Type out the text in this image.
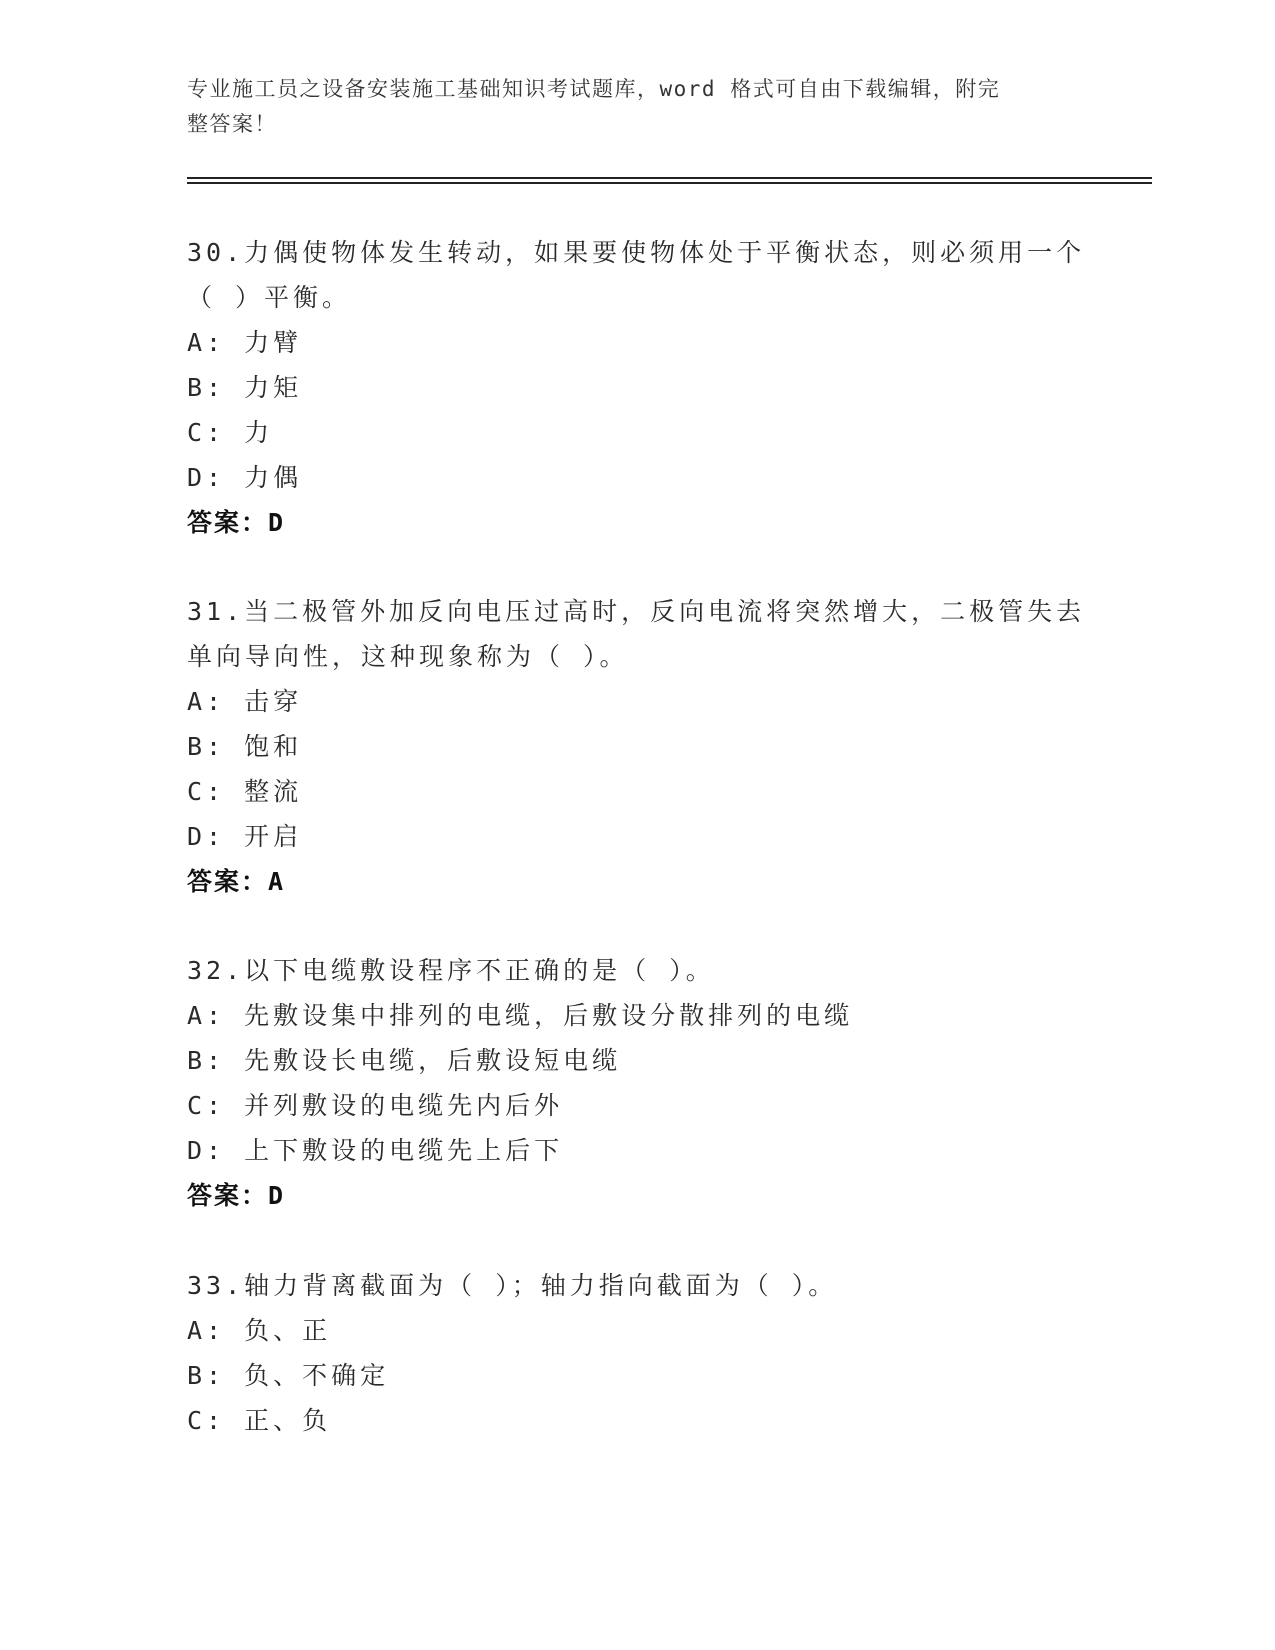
专业施工员之设备安装施工基础知识考试题库，word 格式可自由下载编辑，附完
整答案！

30.力偶使物体发生转动，如果要使物体处于平衡状态，则必须用一个

（ ）平衡。

A: 力臂
B: 力矩
C: 力
D: 力偶
答案：D

31.当二极管外加反向电压过高时，反向电流将突然增大，二极管失去

单向导向性，这种现象称为（ ）。

A: 击穿
B: 饱和
C: 整流
D: 开启
答案：A

32.以下电缆敷设程序不正确的是（ ）。

A: 先敷设集中排列的电缆，后敷设分散排列的电缆
B: 先敷设长电缆，后敷设短电缆
C: 并列敷设的电缆先内后外
D: 上下敷设的电缆先上后下
答案：D

33.轴力背离截面为（ ）；轴力指向截面为（ ）。

A: 负、正
B: 负、不确定
C: 正、负
